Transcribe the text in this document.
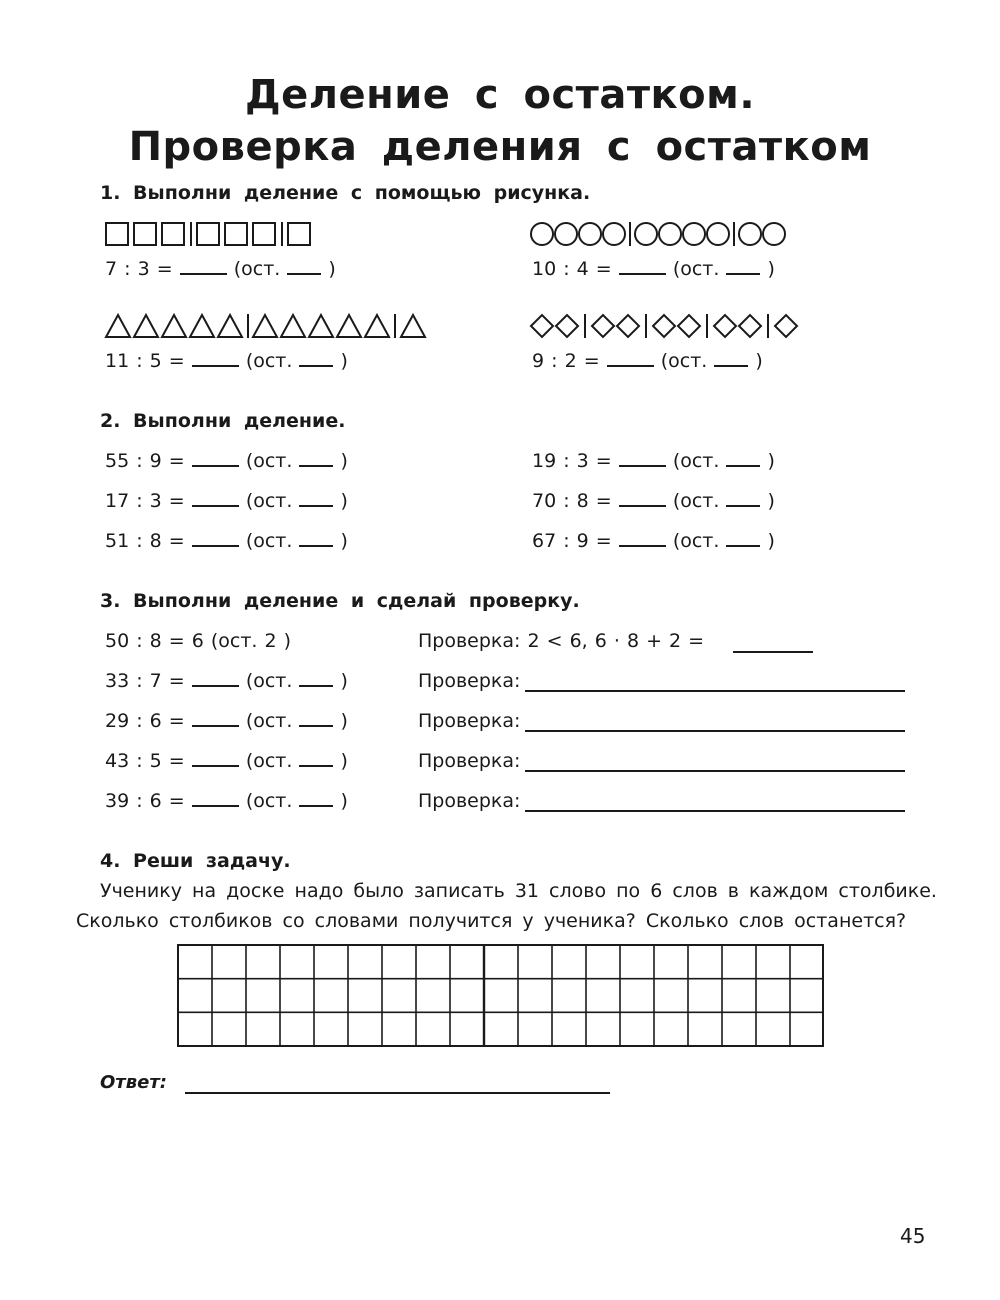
Деление с остатком.
Проверка деления с остатком
1. Выполни деление с помощью рисунка.
7 : 3 =	(ост.	)	10 : 4 =	(ост.	)
11 : 5 =	(ост.	)	9 : 2 =	(ост.	)
2. Выполни деление.
55 : 9 =	(ост.	)	19 : 3 =	(ост.	)
17 : 3 =	(ост.	)	70 : 8 =	(ост.	)
51 : 8 =	(ост.	)	67 : 9 =	(ост.	)
3. Выполни деление и сделай проверку.
50 : 8 = 6 (ост. 2 )	Проверка: 2 < 6, 6 · 8 + 2 =
33 : 7 =	(ост.	)	Проверка:
29 : 6 =	(ост.	)	Проверка:
43 : 5 =	(ост.	)	Проверка:
39 : 6 =	(ост.	)	Проверка:
4. Реши задачу.
Ученику на доске надо было записать 31 слово по 6 слов в каждом столбике.
Сколько столбиков со словами получится у ученика? Сколько слов останется?
Ответ:
45
